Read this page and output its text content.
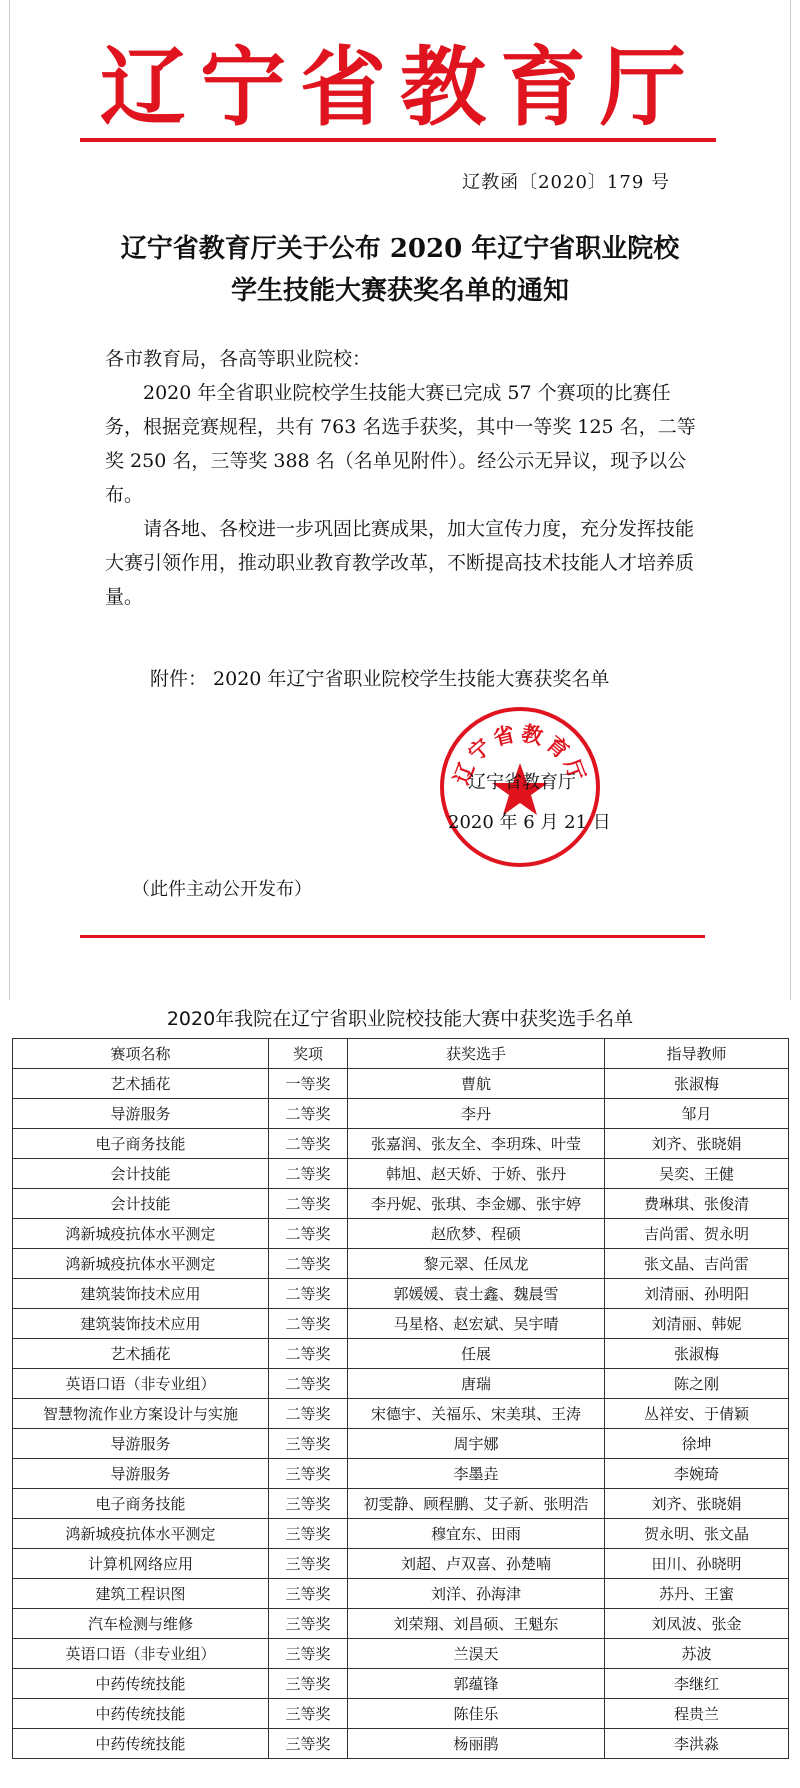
辽宁省教育厅
辽教函〔2020〕179 号
辽宁省教育厅关于公布 2020 年辽宁省职业院校
学生技能大赛获奖名单的通知

各市教育局，各高等职业院校：

2020 年全省职业院校学生技能大赛已完成 57 个赛项的比赛任务，根据竞赛规程，共有 763 名选手获奖，其中一等奖 125 名，二等奖 250 名，三等奖 388 名（名单见附件）。经公示无异议，现予以公布。

请各地、各校进一步巩固比赛成果，加大宣传力度，充分发挥技能大赛引领作用，推动职业教育教学改革，不断提高技术技能人才培养质量。

附件： 2020 年辽宁省职业院校学生技能大赛获奖名单
辽宁省教育厅
辽宁省教育厅
2020 年 6 月 21 日
（此件主动公开发布）
2020年我院在辽宁省职业院校技能大赛中获奖选手名单
赛项名称	奖项	获奖选手	指导教师
艺术插花	一等奖	曹航	张淑梅
导游服务	二等奖	李丹	邹月
电子商务技能	二等奖	张嘉润、张友全、李玥珠、叶莹	刘齐、张晓娟
会计技能	二等奖	韩旭、赵天娇、于娇、张丹	吴奕、王健
会计技能	二等奖	李丹妮、张琪、李金娜、张宇婷	费琳琪、张俊清
鸿新城疫抗体水平测定	二等奖	赵欣梦、程硕	吉尚雷、贺永明
鸿新城疫抗体水平测定	二等奖	黎元翠、任凤龙	张文晶、吉尚雷
建筑装饰技术应用	二等奖	郭媛媛、袁士鑫、魏晨雪	刘清丽、孙明阳
建筑装饰技术应用	二等奖	马星格、赵宏斌、吴宇晴	刘清丽、韩妮
艺术插花	二等奖	任展	张淑梅
英语口语（非专业组）	二等奖	唐瑞	陈之刚
智慧物流作业方案设计与实施	二等奖	宋德宇、关福乐、宋美琪、王涛	丛祥安、于倩颖
导游服务	三等奖	周宇娜	徐坤
导游服务	三等奖	李墨垚	李婉琦
电子商务技能	三等奖	初雯静、顾程鹏、艾子新、张明浩	刘齐、张晓娟
鸿新城疫抗体水平测定	三等奖	穆宜东、田雨	贺永明、张文晶
计算机网络应用	三等奖	刘超、卢双喜、孙楚喃	田川、孙晓明
建筑工程识图	三等奖	刘洋、孙海津	苏丹、王蜜
汽车检测与维修	三等奖	刘荣翔、刘昌硕、王魁东	刘凤波、张金
英语口语（非专业组）	三等奖	兰淏天	苏波
中药传统技能	三等奖	郭蕴锋	李继红
中药传统技能	三等奖	陈佳乐	程贵兰
中药传统技能	三等奖	杨丽鹃	李洪淼
